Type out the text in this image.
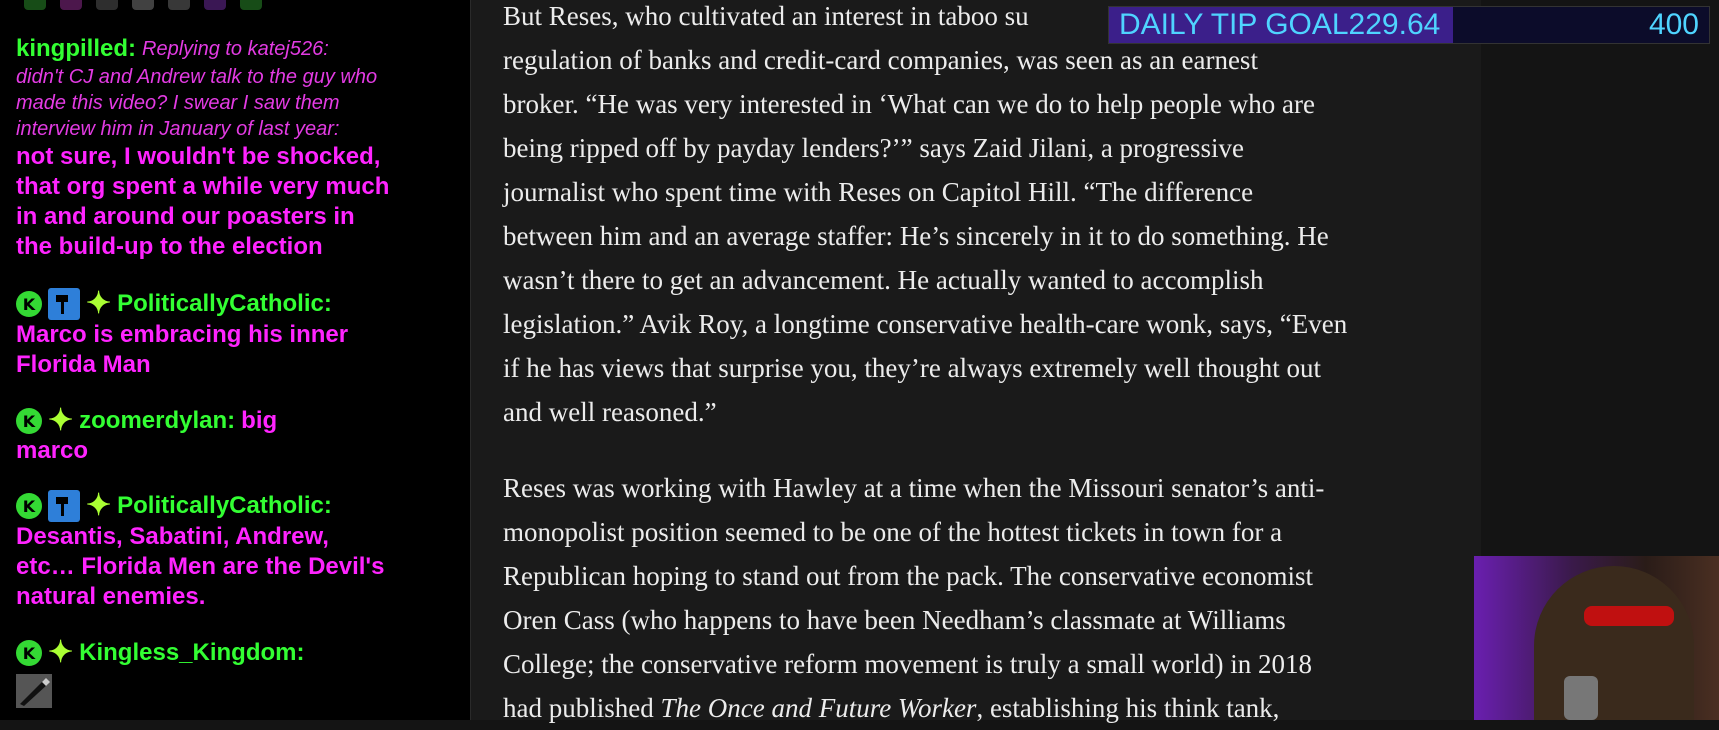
kingpilled: Replying to katej526:
didn't CJ and Andrew talk to the guy who
made this video? I swear I saw them
interview him in January of last year:
not sure, I wouldn't be shocked,
that org spent a while very much
in and around our poasters in
the build-up to the election
K ✦ PoliticallyCatholic:
Marco is embracing his inner
Florida Man
K ✦ zoomerdylan: big
marco
K ✦ PoliticallyCatholic:
Desantis, Sabatini, Andrew,
etc… Florida Men are the Devil's
natural enemies.
K ✦ Kingless_Kingdom:
But Reses, who cultivated an interest in taboo su
regulation of banks and credit-card companies, was seen as an earnest
broker. “He was very interested in ‘What can we do to help people who are
being ripped off by payday lenders?’” says Zaid Jilani, a progressive
journalist who spent time with Reses on Capitol Hill. “The difference
between him and an average staffer: He’s sincerely in it to do something. He
wasn’t there to get an advancement. He actually wanted to accomplish
legislation.” Avik Roy, a longtime conservative health-care wonk, says, “Even
if he has views that surprise you, they’re always extremely well thought out
and well reasoned.”
Reses was working with Hawley at a time when the Missouri senator’s anti-
monopolist position seemed to be one of the hottest tickets in town for a
Republican hoping to stand out from the pack. The conservative economist
Oren Cass (who happens to have been Needham’s classmate at Williams
College; the conservative reform movement is truly a small world) in 2018
had published The Once and Future Worker, establishing his think tank,
DAILY TIP GOAL229.64	400
